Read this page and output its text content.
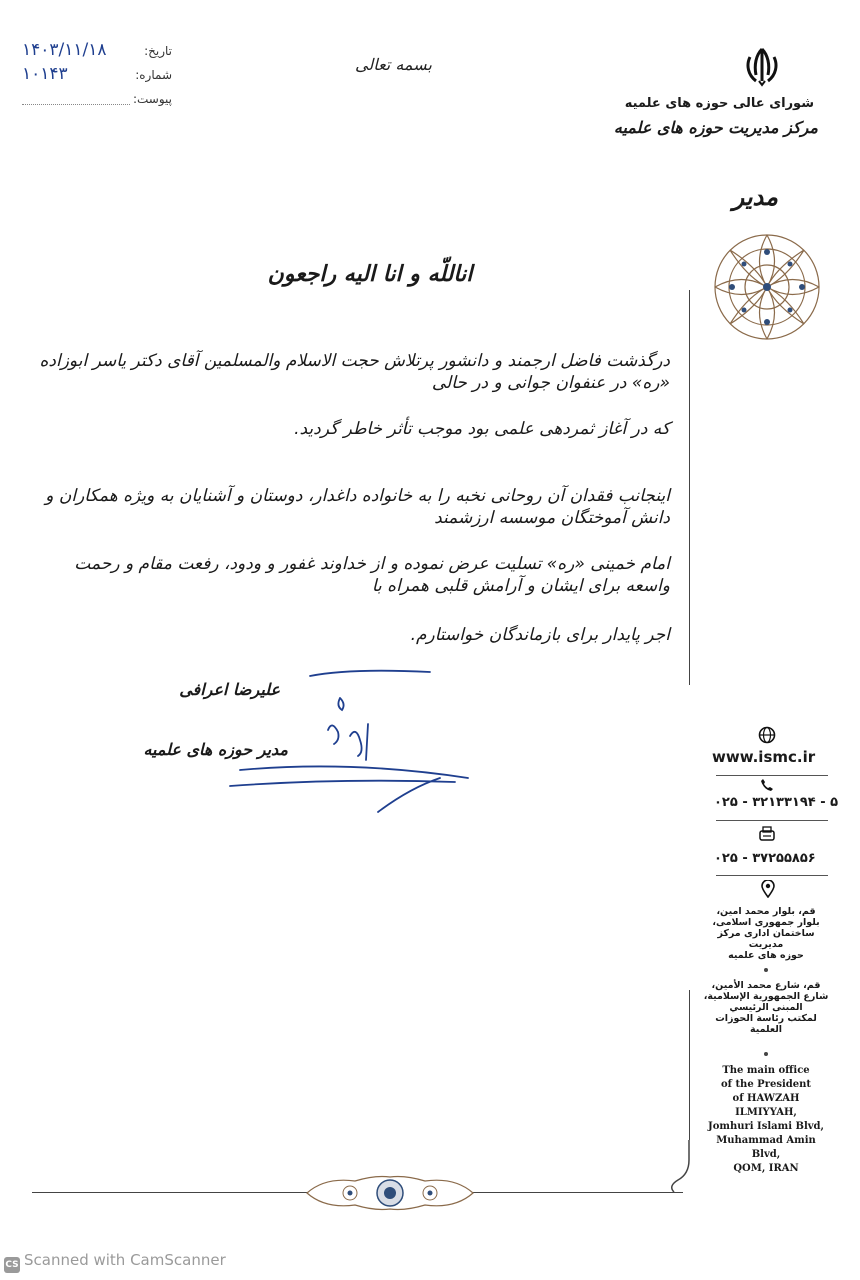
۱۴۰۳/۱۱/۱۸	تاریخ:
۱۰۱۴۳	شماره:
پیوست:
بسمه تعالی
شورای عالی حوزه های علمیه
مرکز مدیریت حوزه های علمیه
مدیر
اناللّه و انا الیه راجعون
درگذشت فاضل ارجمند و دانشور پرتلاش حجت الاسلام والمسلمین آقای دکتر یاسر ابوزاده «ره» در عنفوان جوانی و در حالی
که در آغاز ثمردهی علمی بود موجب تأثر خاطر گردید.
اینجانب فقدان آن روحانی نخبه را به خانواده داغدار، دوستان و آشنایان به ویژه همکاران و دانش آموختگان موسسه ارزشمند
امام خمینی «ره» تسلیت عرض نموده و از خداوند غفور و ودود، رفعت مقام و رحمت واسعه برای ایشان و آرامش قلبی همراه با
اجر پایدار برای بازماندگان خواستارم.
علیرضا اعرافی
مدیر حوزه های علمیه	www.ismc.ir
۰۲۵ - ۳۲۱۳۳۱۹۴ - ۵
۰۲۵ - ۳۷۲۵۵۸۵۶
قم، بلوار محمد امین،
بلوار جمهوری اسلامی،
ساختمان اداری مرکز مدیریت
حوزه های علمیه
قم، شارع محمد الأمین،
شارع الجمهوریة الإسلامیة،
المبنى الرئيسي
لمكتب رئاسة الحوزات العلمية
The main office
of the President
of HAWZAH ILMIYYAH,
Jomhuri Islami Blvd,
Muhammad Amin Blvd,
QOM, IRAN
CS Scanned with CamScanner
